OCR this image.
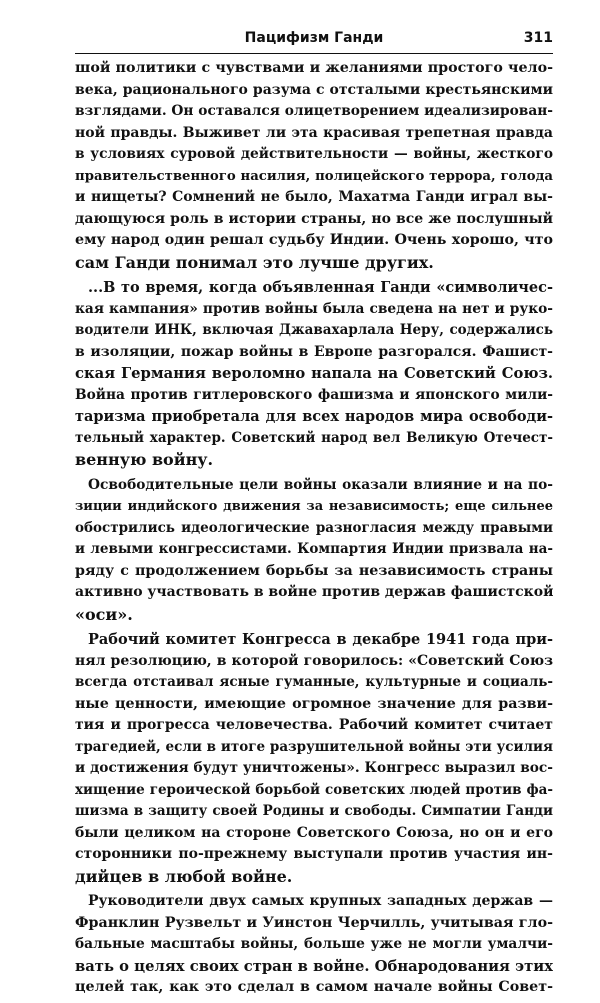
Пацифизм Ганди	311
шой политики с чувствами и желаниями простого чело-
века, рационального разума с отсталыми крестьянскими
взглядами. Он оставался олицетворением идеализирован-
ной правды. Выживет ли эта красивая трепетная правда
в условиях суровой действительности — войны, жесткого
правительственного насилия, полицейского террора, голода
и нищеты? Сомнений не было, Махатма Ганди играл вы-
дающуюся роль в истории страны, но все же послушный
ему народ один решал судьбу Индии. Очень хорошо, что
сам Ганди понимал это лучше других.
...В то время, когда объявленная Ганди «символичес-
кая кампания» против войны была сведена на нет и руко-
водители ИНК, включая Джавахарлала Неру, содержались
в изоляции, пожар войны в Европе разгорался. Фашист-
ская Германия вероломно напала на Советский Союз.
Война против гитлеровского фашизма и японского мили-
таризма приобретала для всех народов мира освободи-
тельный характер. Советский народ вел Великую Отечест-
венную войну.
Освободительные цели войны оказали влияние и на по-
зиции индийского движения за независимость; еще сильнее
обострились идеологические разногласия между правыми
и левыми конгрессистами. Компартия Индии призвала на-
ряду с продолжением борьбы за независимость страны
активно участвовать в войне против держав фашистской
«оси».
Рабочий комитет Конгресса в декабре 1941 года при-
нял резолюцию, в которой говорилось: «Советский Союз
всегда отстаивал ясные гуманные, культурные и социаль-
ные ценности, имеющие огромное значение для разви-
тия и прогресса человечества. Рабочий комитет считает
трагедией, если в итоге разрушительной войны эти усилия
и достижения будут уничтожены». Конгресс выразил вос-
хищение героической борьбой советских людей против фа-
шизма в защиту своей Родины и свободы. Симпатии Ганди
были целиком на стороне Советского Союза, но он и его
сторонники по-прежнему выступали против участия ин-
дийцев в любой войне.
Руководители двух самых крупных западных держав —
Франклин Рузвельт и Уинстон Черчилль, учитывая гло-
бальные масштабы войны, больше уже не могли умалчи-
вать о целях своих стран в войне. Обнародования этих
целей так, как это сделал в самом начале войны Совет-
